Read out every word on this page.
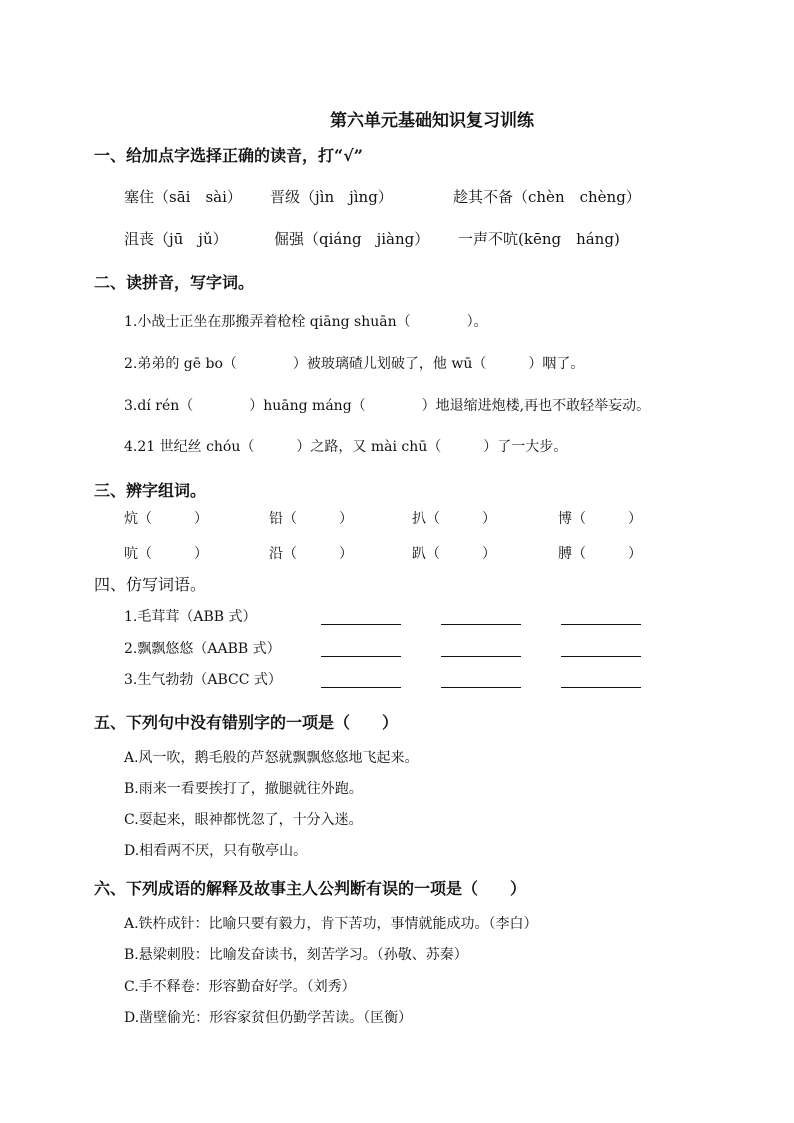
第六单元基础知识复习训练
一、给加点字选择正确的读音，打“√”
塞住（sāi　sài） 晋级（jìn　jìng）	趁其不备（chèn　chèng）
沮丧（jū　jǔ）	倔强（qiáng　jiàng） 一声不吭(kēng　háng)
二、读拼音，写字词。
1.小战士正坐在那搬弄着枪栓 qiāng shuān（　　　　）。
2.弟弟的 gē bo（　　　　）被玻璃碴儿划破了，他 wū（　　　）咽了。
3.dí rén（　　　　）huāng máng（　　　　）地退缩进炮楼,再也不敢轻举妄动。
4.21 世纪丝 chóu（　　　）之路，又 mài chū（　　　）了一大步。
三、辨字组词。
炕（　　　）	铅（　　　）	扒（　　　）	博（　　　）
吭（　　　）	沿（　　　）	趴（　　　）	膊（　　　）
四、仿写词语。
1.毛茸茸（ABB 式）
2.飘飘悠悠（AABB 式）
3.生气勃勃（ABCC 式）
五、下列句中没有错别字的一项是（　　）
A.风一吹，鹅毛般的芦怒就飘飘悠悠地飞起来。
B.雨来一看要挨打了，撤腿就往外跑。
C.耍起来，眼神都恍忽了，十分入迷。
D.相看两不厌，只有敬亭山。
六、下列成语的解释及故事主人公判断有误的一项是（　　）
A.铁杵成针：比喻只要有毅力，肯下苦功，事情就能成功。（李白）
B.悬梁刺股：比喻发奋读书，刻苦学习。（孙敬、苏秦）
C.手不释卷：形容勤奋好学。（刘秀）
D.凿壁偷光：形容家贫但仍勤学苦读。（匡衡）
